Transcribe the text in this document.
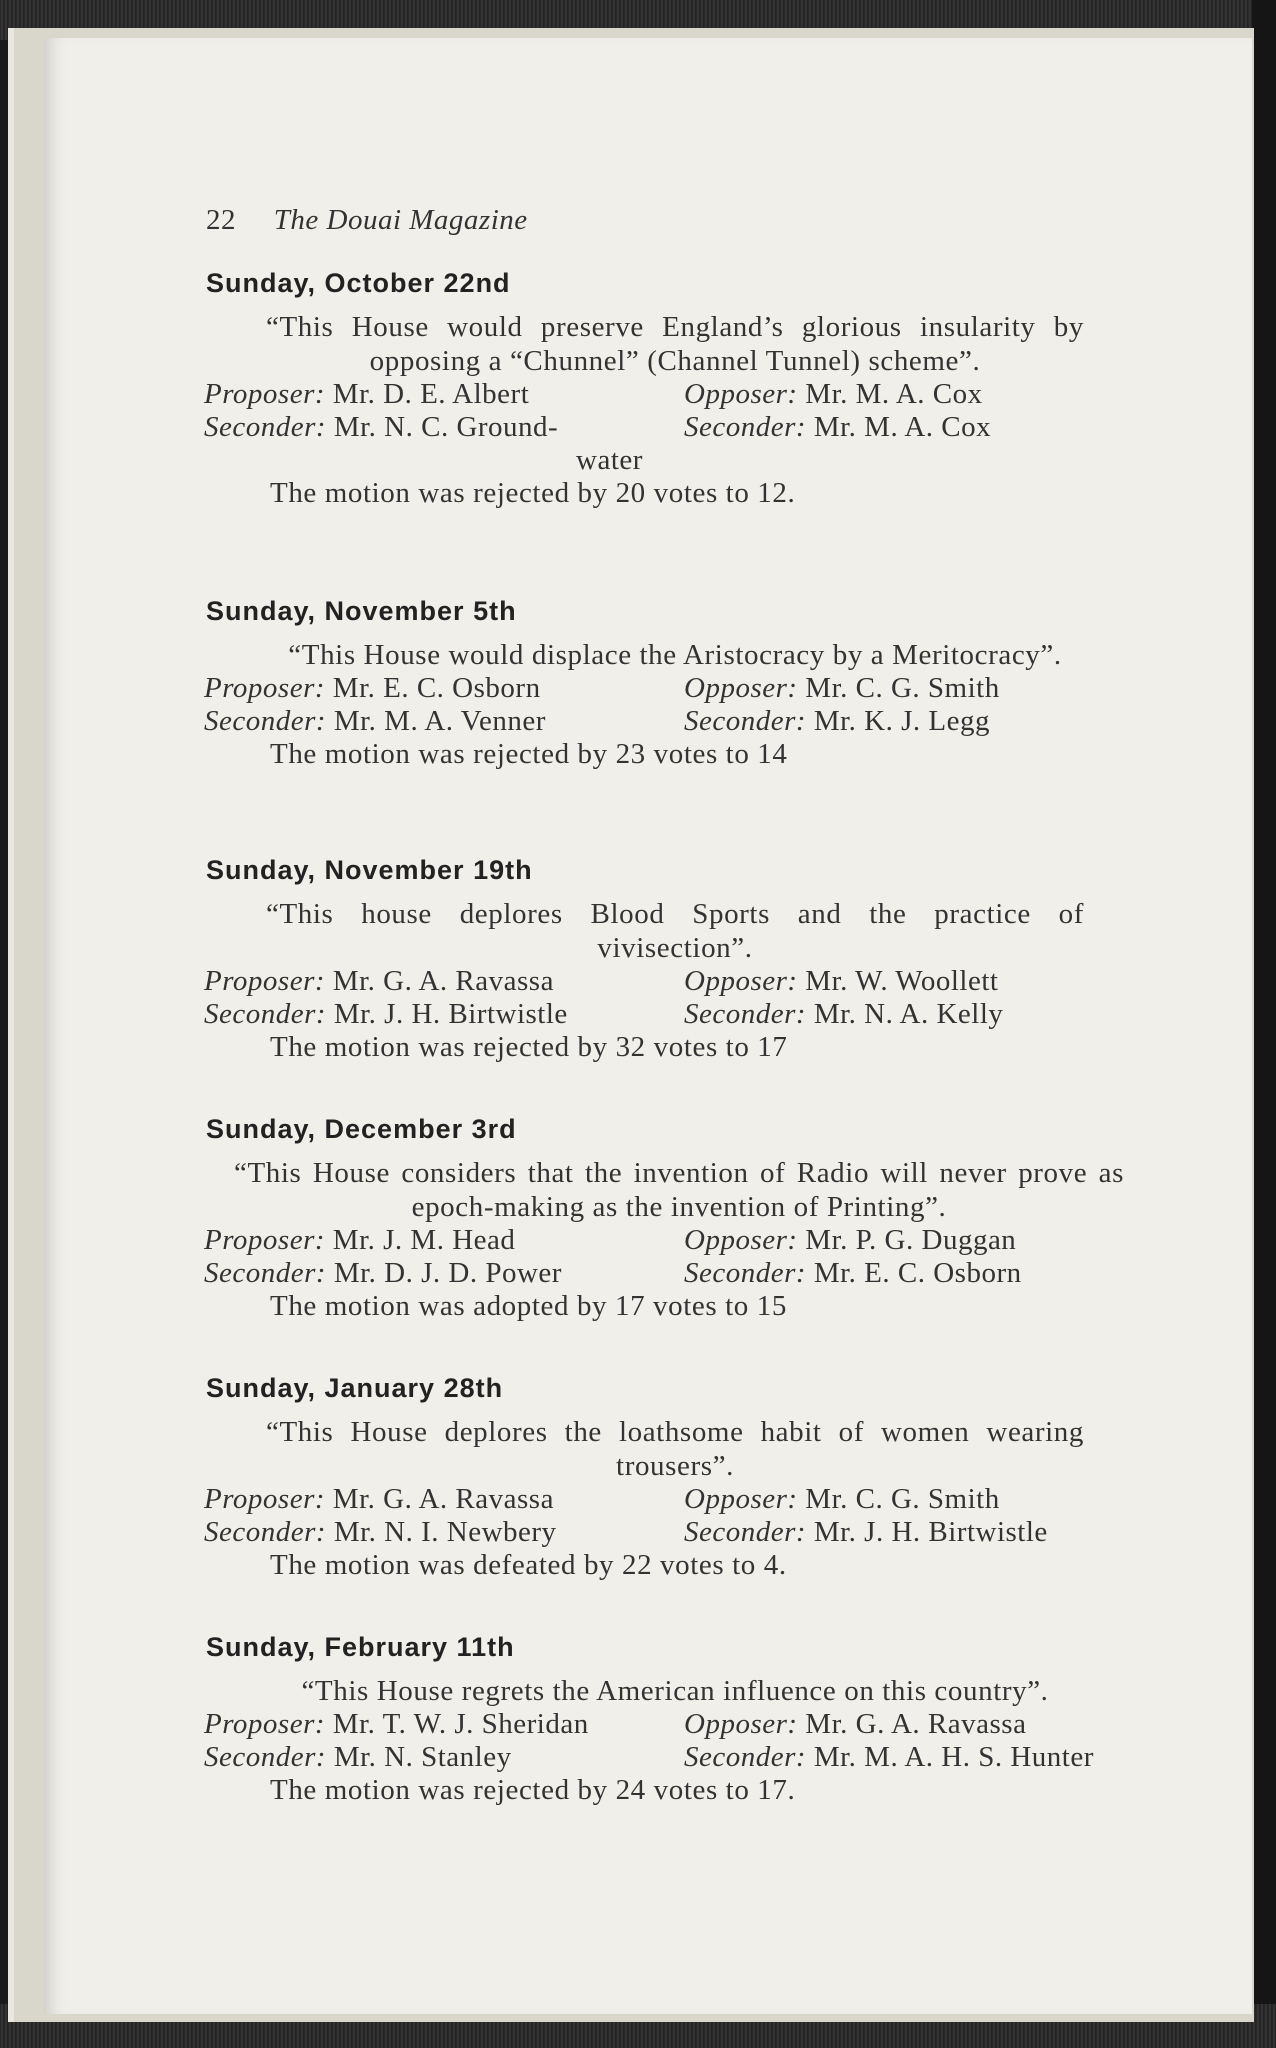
22 The Douai Magazine
Sunday, October 22nd
“This House would preserve England’s glorious insularity by opposing a “Chunnel” (Channel Tunnel) scheme”.
Proposer: Mr. D. E. Albert	Opposer: Mr. M. A. Cox
Seconder: Mr. N. C. Ground-	Seconder: Mr. M. A. Cox
water
The motion was rejected by 20 votes to 12.
Sunday, November 5th
“This House would displace the Aristocracy by a Meritocracy”.
Proposer: Mr. E. C. Osborn	Opposer: Mr. C. G. Smith
Seconder: Mr. M. A. Venner	Seconder: Mr. K. J. Legg
The motion was rejected by 23 votes to 14
Sunday, November 19th
“This house deplores Blood Sports and the practice of vivisection”.
Proposer: Mr. G. A. Ravassa	Opposer: Mr. W. Woollett
Seconder: Mr. J. H. Birtwistle	Seconder: Mr. N. A. Kelly
The motion was rejected by 32 votes to 17
Sunday, December 3rd
“This House considers that the invention of Radio will never prove as epoch-making as the invention of Printing”.
Proposer: Mr. J. M. Head	Opposer: Mr. P. G. Duggan
Seconder: Mr. D. J. D. Power	Seconder: Mr. E. C. Osborn
The motion was adopted by 17 votes to 15
Sunday, January 28th
“This House deplores the loathsome habit of women wearing trousers”.
Proposer: Mr. G. A. Ravassa	Opposer: Mr. C. G. Smith
Seconder: Mr. N. I. Newbery	Seconder: Mr. J. H. Birtwistle
The motion was defeated by 22 votes to 4.
Sunday, February 11th
“This House regrets the American influence on this country”.
Proposer: Mr. T. W. J. Sheridan	Opposer: Mr. G. A. Ravassa
Seconder: Mr. N. Stanley	Seconder: Mr. M. A. H. S. Hunter
The motion was rejected by 24 votes to 17.
